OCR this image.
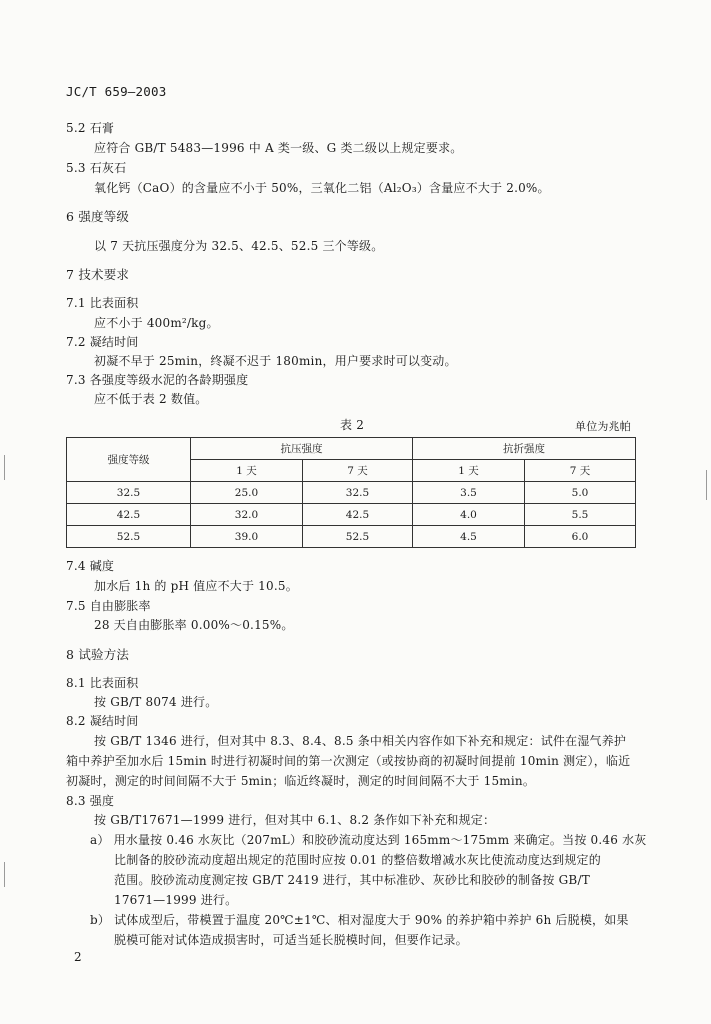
JC/T 659—2003
5.2 石膏
应符合 GB/T 5483—1996 中 A 类一级、G 类二级以上规定要求。
5.3 石灰石
氧化钙（CaO）的含量应不小于 50%，三氧化二铝（Al₂O₃）含量应不大于 2.0%。
6 强度等级
以 7 天抗压强度分为 32.5、42.5、52.5 三个等级。
7 技术要求
7.1 比表面积
应不小于 400m²/kg。
7.2 凝结时间
初凝不早于 25min，终凝不迟于 180min，用户要求时可以变动。
7.3 各强度等级水泥的各龄期强度
应不低于表 2 数值。
表 2	单位为兆帕
强度等级	抗压强度		抗折强度	
	1 天	7 天	1 天	7 天
32.5	25.0	32.5	3.5	5.0
42.5	32.0	42.5	4.0	5.5
52.5	39.0	52.5	4.5	6.0
7.4 碱度
加水后 1h 的 pH 值应不大于 10.5。
7.5 自由膨胀率
28 天自由膨胀率 0.00%～0.15%。
8 试验方法
8.1 比表面积
按 GB/T 8074 进行。
8.2 凝结时间
按 GB/T 1346 进行，但对其中 8.3、8.4、8.5 条中相关内容作如下补充和规定：试件在湿气养护
箱中养护至加水后 15min 时进行初凝时间的第一次测定（或按协商的初凝时间提前 10min 测定），临近
初凝时，测定的时间间隔不大于 5min；临近终凝时，测定的时间间隔不大于 15min。
8.3 强度
按 GB/T17671—1999 进行，但对其中 6.1、8.2 条作如下补充和规定：
a） 用水量按 0.46 水灰比（207mL）和胶砂流动度达到 165mm～175mm 来确定。当按 0.46 水灰
比制备的胶砂流动度超出规定的范围时应按 0.01 的整倍数增减水灰比使流动度达到规定的
范围。胶砂流动度测定按 GB/T 2419 进行，其中标准砂、灰砂比和胶砂的制备按 GB/T
17671—1999 进行。
b） 试体成型后，带模置于温度 20℃±1℃、相对湿度大于 90% 的养护箱中养护 6h 后脱模，如果
脱模可能对试体造成损害时，可适当延长脱模时间，但要作记录。
2
